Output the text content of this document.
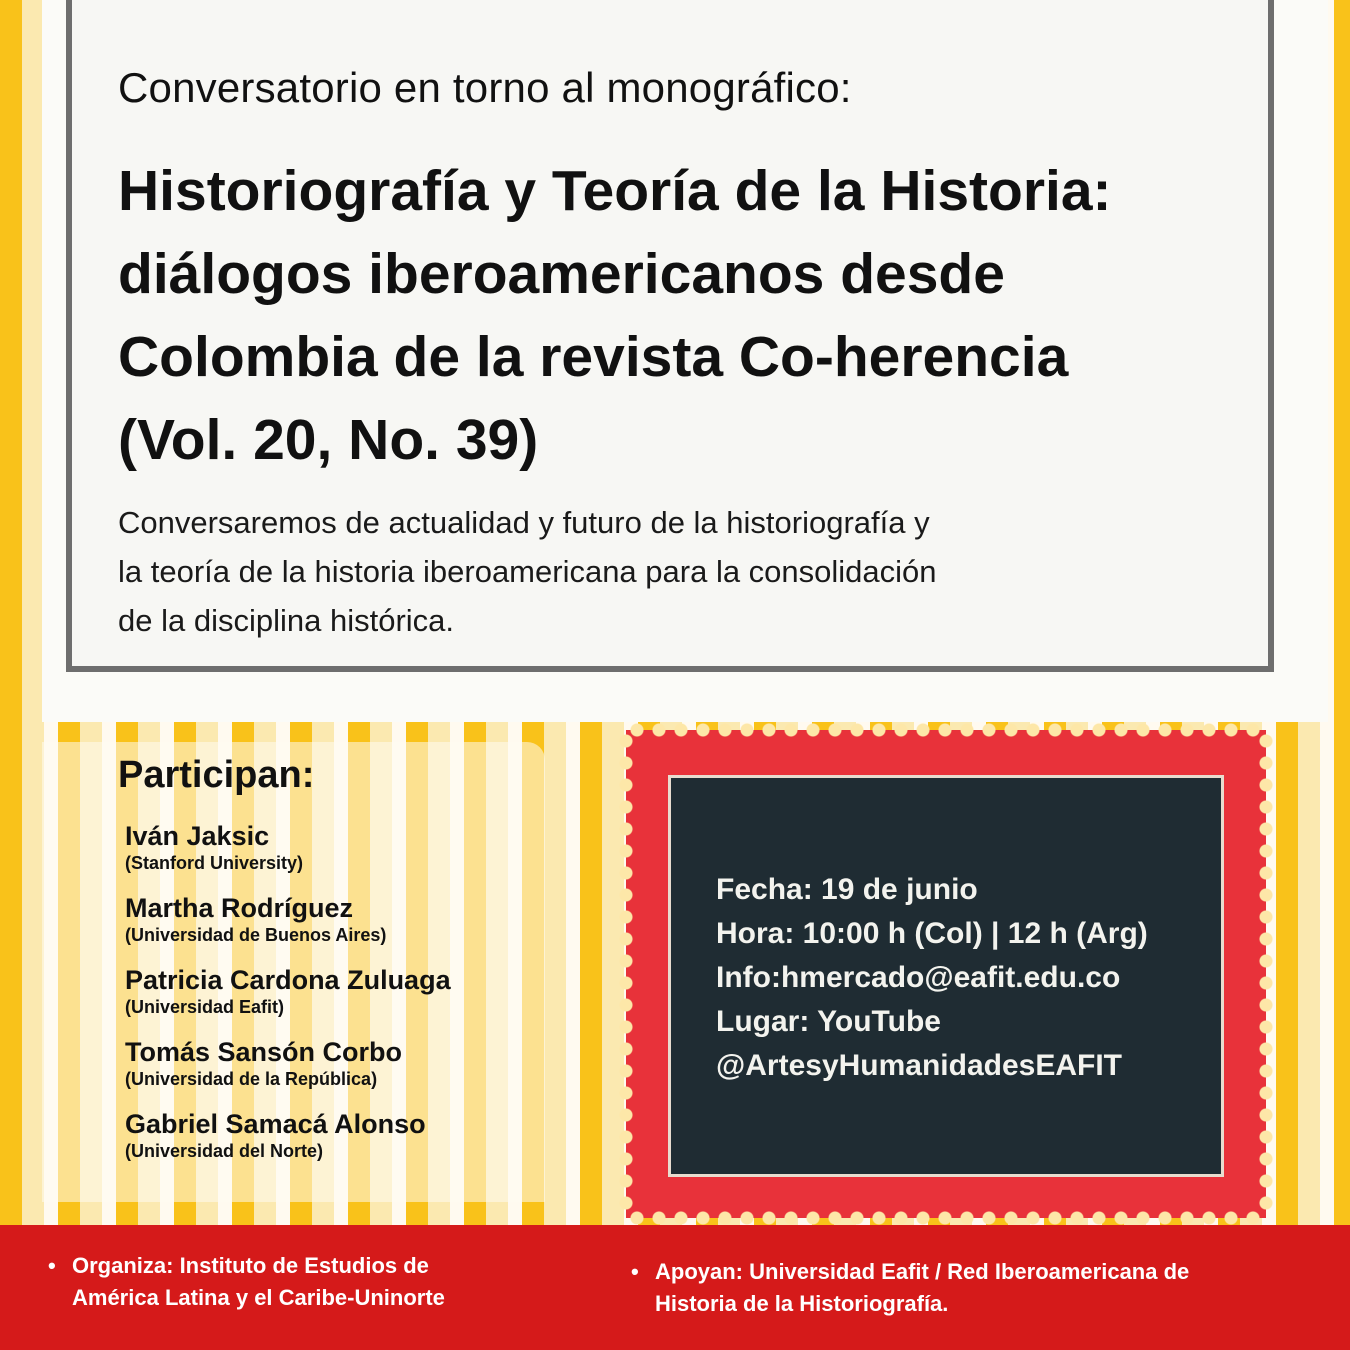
Conversatorio en torno al monográfico:
Historiografía y Teoría de la Historia:
diálogos iberoamericanos desde
Colombia de la revista Co-herencia
(Vol. 20, No. 39)
Conversaremos de actualidad y futuro de la historiografía y
la teoría de la historia iberoamericana para la consolidación
de la disciplina histórica.
Participan:
Iván Jaksic
(Stanford University)
Martha Rodríguez
(Universidad de Buenos Aires)
Patricia Cardona Zuluaga
(Universidad Eafit)
Tomás Sansón Corbo
(Universidad de la República)
Gabriel Samacá Alonso
(Universidad del Norte)
Fecha: 19 de junio
Hora: 10:00 h (Col) | 12 h (Arg)
Info:hmercado@eafit.edu.co
Lugar: YouTube
@ArtesyHumanidadesEAFIT
• Organiza: Instituto de Estudios de
América Latina y el Caribe-Uninorte
• Apoyan: Universidad Eafit / Red Iberoamericana de
Historia de la Historiografía.
